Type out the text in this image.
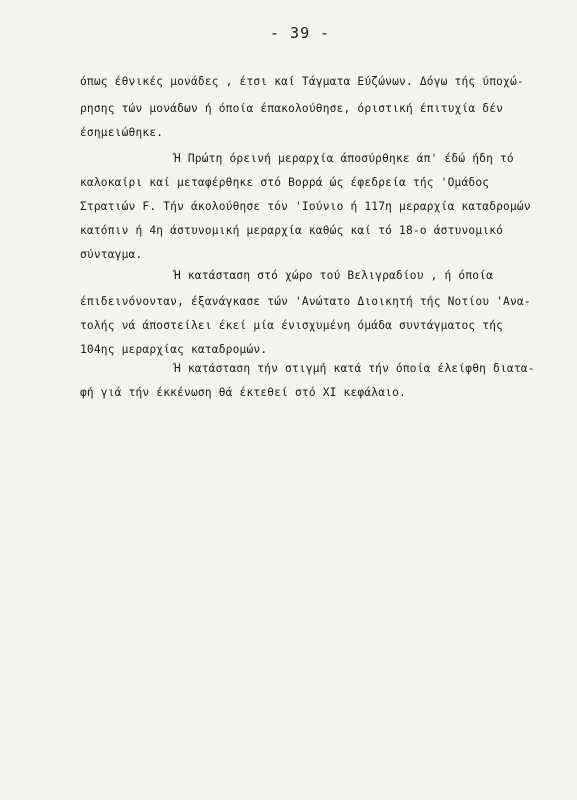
- 39 -
όπως έθνικές μονάδες , έτσι καί Τάγματα Εύζώνων. Δόγω τής ύποχώ-
ρησης τών μονάδων ή όποία έπακολούθησε, όριστική έπιτυχία δέν
έσημειώθηκε.
Ή Πρώτη όρεινή μεραρχία άποσύρθηκε άπ' έδώ ήδη τό
καλοκαίρι καί μεταφέρθηκε στό Βορρά ώς έφεδρεία τής 'Ομάδος
Στρατιών F. Τήν άκολούθησε τόν 'Ιούνιο ή 117η μεραρχία καταδρομών
κατόπιν ή 4η άστυνομική μεραρχία καθώς καί τό 18-ο άστυνομικό
σύνταγμα.
Ή κατάσταση στό χώρο τού Βελιγραδίου , ή όποία
έπιδεινόνονταν, έξανάγκασε τών 'Ανώτατο Διοικητή τής Νοτίου 'Ανα-
τολής νά άποστείλει έκεί μία ένισχυμένη όμάδα συντάγματος τής
104ης μεραρχίας καταδρομών.
Ή κατάσταση τήν στιγμή κατά τήν όποία έλείφθη διατα-
φή γιά τήν έκκένωση θά έκτεθεί στό ΧΙ κεφάλαιο.
